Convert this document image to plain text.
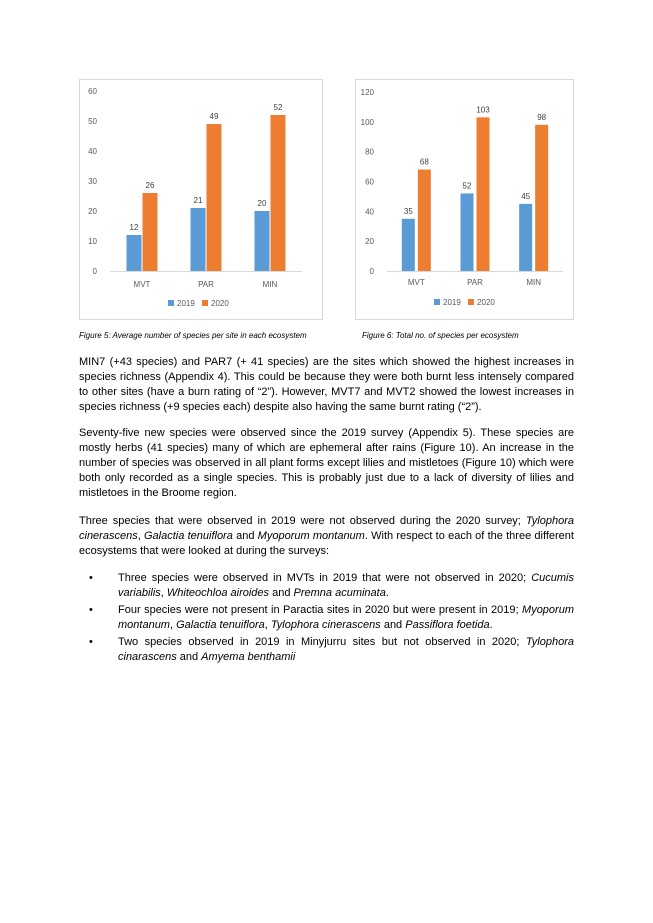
0
10
20
30
40
50
60
MVT
12
26
PAR
21
49
MIN
20
52
2019 2020
0
20
40
60
80
100
120
MVT
35
68
PAR
52
103
MIN
45
98
2019 2020
Figure 5: Average number of species per site in each ecosystem	Figure 6: Total no. of species per ecosystem

MIN7 (+43 species) and PAR7 (+ 41 species) are the sites which showed the highest increases in species richness (Appendix 4). This could be because they were both burnt less intensely compared to other sites (have a burn rating of “2”). However, MVT7 and MVT2 showed the lowest increases in species richness (+9 species each) despite also having the same burnt rating (“2”).

Seventy-five new species were observed since the 2019 survey (Appendix 5). These species are mostly herbs (41 species) many of which are ephemeral after rains (Figure 10). An increase in the number of species was observed in all plant forms except lilies and mistletoes (Figure 10) which were both only recorded as a single species. This is probably just due to a lack of diversity of lilies and mistletoes in the Broome region.

Three species that were observed in 2019 were not observed during the 2020 survey; Tylophora cinerascens, Galactia tenuiflora and Myoporum montanum. With respect to each of the three different ecosystems that were looked at during the surveys:

• Three species were observed in MVTs in 2019 that were not observed in 2020; Cucumis variabilis, Whiteochloa airoides and Premna acuminata.
• Four species were not present in Paractia sites in 2020 but were present in 2019; Myoporum montanum, Galactia tenuiflora, Tylophora cinerascens and Passiflora foetida.
• Two species observed in 2019 in Minyjurru sites but not observed in 2020; Tylophora cinarascens and Amyema benthamii
